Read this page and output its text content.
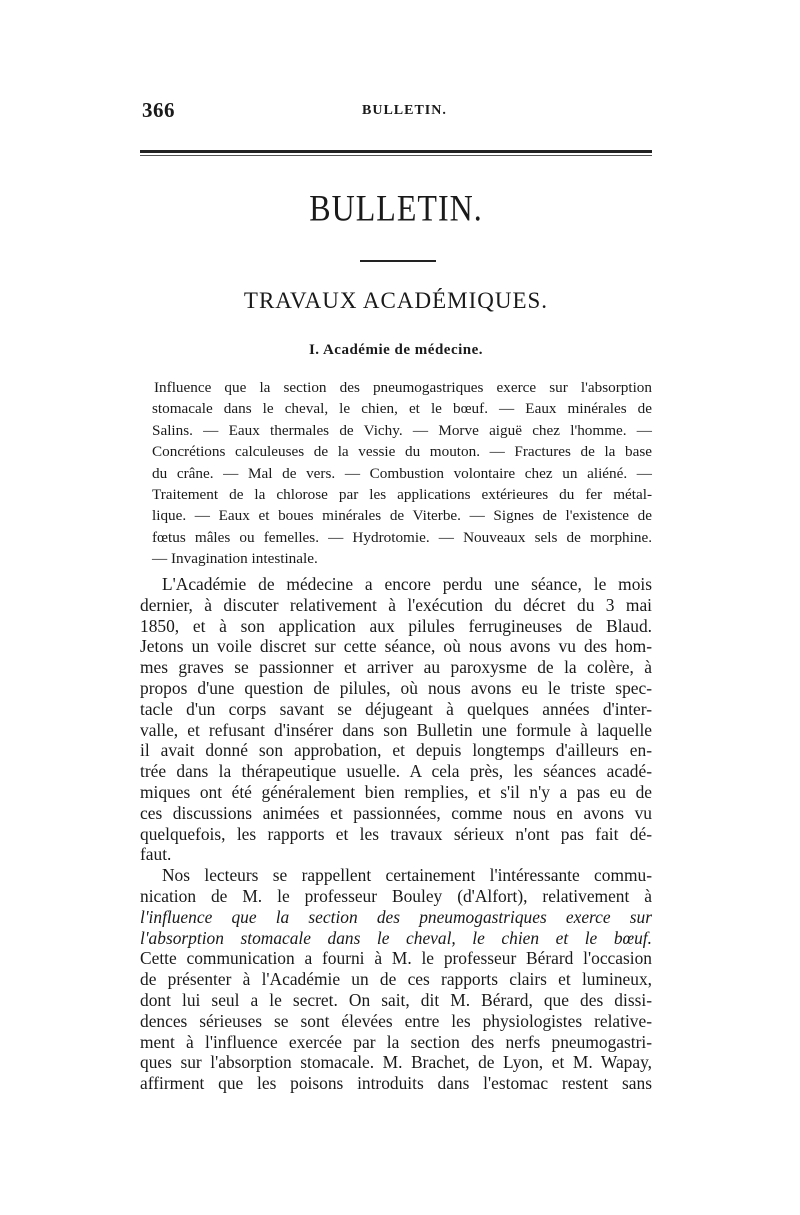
366	BULLETIN.
BULLETIN.
TRAVAUX ACADÉMIQUES.
I. Académie de médecine.
Influence que la section des pneumogastriques exerce sur l'absorption
stomacale dans le cheval, le chien, et le bœuf. — Eaux minérales de
Salins. — Eaux thermales de Vichy. — Morve aiguë chez l'homme. —
Concrétions calculeuses de la vessie du mouton. — Fractures de la base
du crâne. — Mal de vers. — Combustion volontaire chez un aliéné. —
Traitement de la chlorose par les applications extérieures du fer métal-
lique. — Eaux et boues minérales de Viterbe. — Signes de l'existence de
fœtus mâles ou femelles. — Hydrotomie. — Nouveaux sels de morphine.
— Invagination intestinale.
L'Académie de médecine a encore perdu une séance, le mois
dernier, à discuter relativement à l'exécution du décret du 3 mai
1850, et à son application aux pilules ferrugineuses de Blaud.
Jetons un voile discret sur cette séance, où nous avons vu des hom-
mes graves se passionner et arriver au paroxysme de la colère, à
propos d'une question de pilules, où nous avons eu le triste spec-
tacle d'un corps savant se déjugeant à quelques années d'inter-
valle, et refusant d'insérer dans son Bulletin une formule à laquelle
il avait donné son approbation, et depuis longtemps d'ailleurs en-
trée dans la thérapeutique usuelle. A cela près, les séances acadé-
miques ont été généralement bien remplies, et s'il n'y a pas eu de
ces discussions animées et passionnées, comme nous en avons vu
quelquefois, les rapports et les travaux sérieux n'ont pas fait dé-
faut.
Nos lecteurs se rappellent certainement l'intéressante commu-
nication de M. le professeur Bouley (d'Alfort), relativement à
l'influence que la section des pneumogastriques exerce sur
l'absorption stomacale dans le cheval, le chien et le bœuf.
Cette communication a fourni à M. le professeur Bérard l'occasion
de présenter à l'Académie un de ces rapports clairs et lumineux,
dont lui seul a le secret. On sait, dit M. Bérard, que des dissi-
dences sérieuses se sont élevées entre les physiologistes relative-
ment à l'influence exercée par la section des nerfs pneumogastri-
ques sur l'absorption stomacale. M. Brachet, de Lyon, et M. Wapay,
affirment que les poisons introduits dans l'estomac restent sans
